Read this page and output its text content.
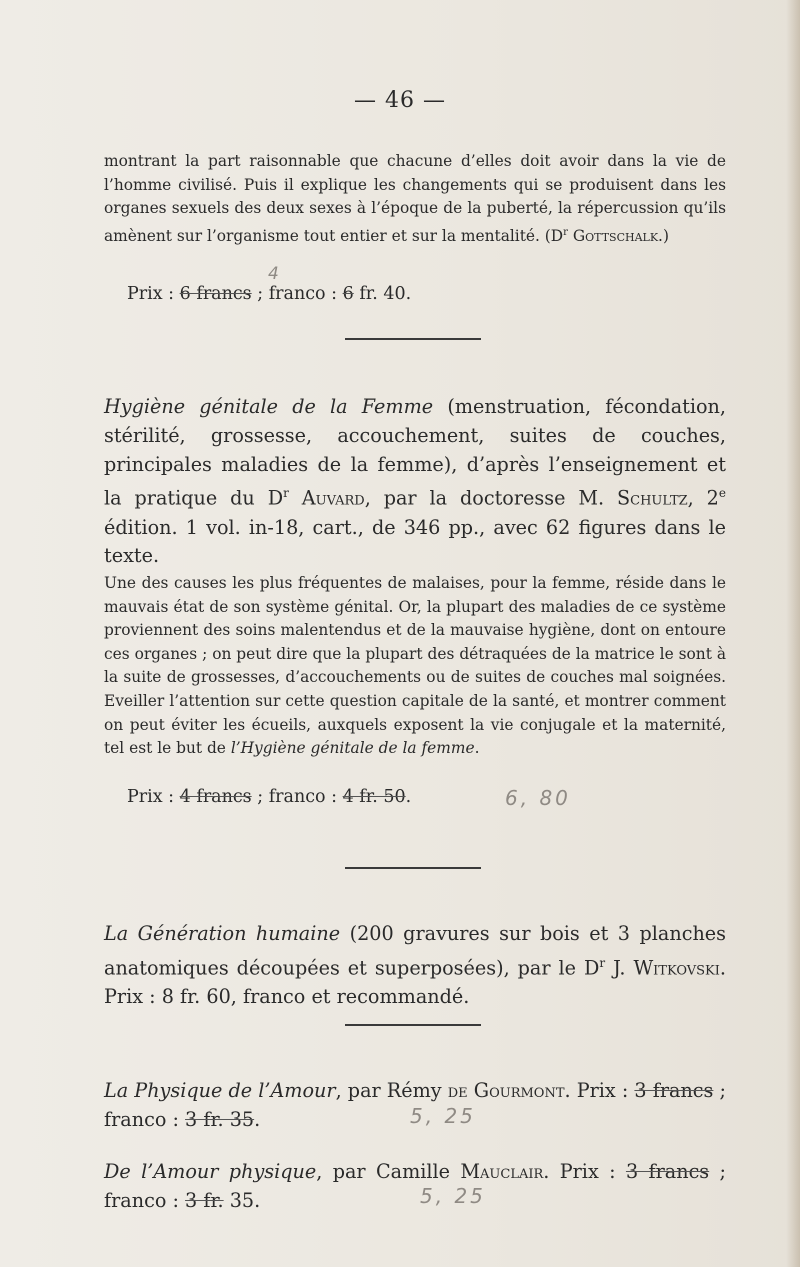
— 46 —

montrant la part raisonnable que chacune d’elles doit avoir dans la vie de l’homme civilisé. Puis il explique les changements qui se produisent dans les organes sexuels des deux sexes à l’époque de la puberté, la répercussion qu’ils amènent sur l’organisme tout entier et sur la mentalité. ($D^r$ Gottschalk.)

Prix : 6 francs ; franco : 6 fr. 40.
4

Hygiène génitale de la Femme (menstruation, fécondation, stérilité, grossesse, accouchement, suites de couches, principales maladies de la femme), d’après l’enseignement et la pratique du $D^r$ Auvard, par la doctoresse M. Schultz, 2e édition. 1 vol. in-18, cart., de 346 pp., avec 62 figures dans le texte.

Une des causes les plus fréquentes de malaises, pour la femme, réside dans le mauvais état de son système génital. Or, la plupart des maladies de ce système proviennent des soins malentendus et de la mauvaise hygiène, dont on entoure ces organes ; on peut dire que la plupart des détraquées de la matrice le sont à la suite de grossesses, d’accouchements ou de suites de couches mal soignées. Eveiller l’attention sur cette question capitale de la santé, et montrer comment on peut éviter les écueils, auxquels exposent la vie conjugale et la maternité, tel est le but de l’Hygiène génitale de la femme.

Prix : 4 francs ; franco : 4 fr. 50.	6, 80

La Génération humaine (200 gravures sur bois et 3 planches anatomiques découpées et superposées), par le $D^r$ J. Witkovski. Prix : 8 fr. 60, franco et recommandé.

La Physique de l’Amour, par Rémy de Gourmont. Prix : 3 francs ; franco : 3 fr. 35.	5, 25

De l’Amour physique, par Camille Mauclair. Prix : 3 francs ; franco : 3 fr. 35.	5, 25
